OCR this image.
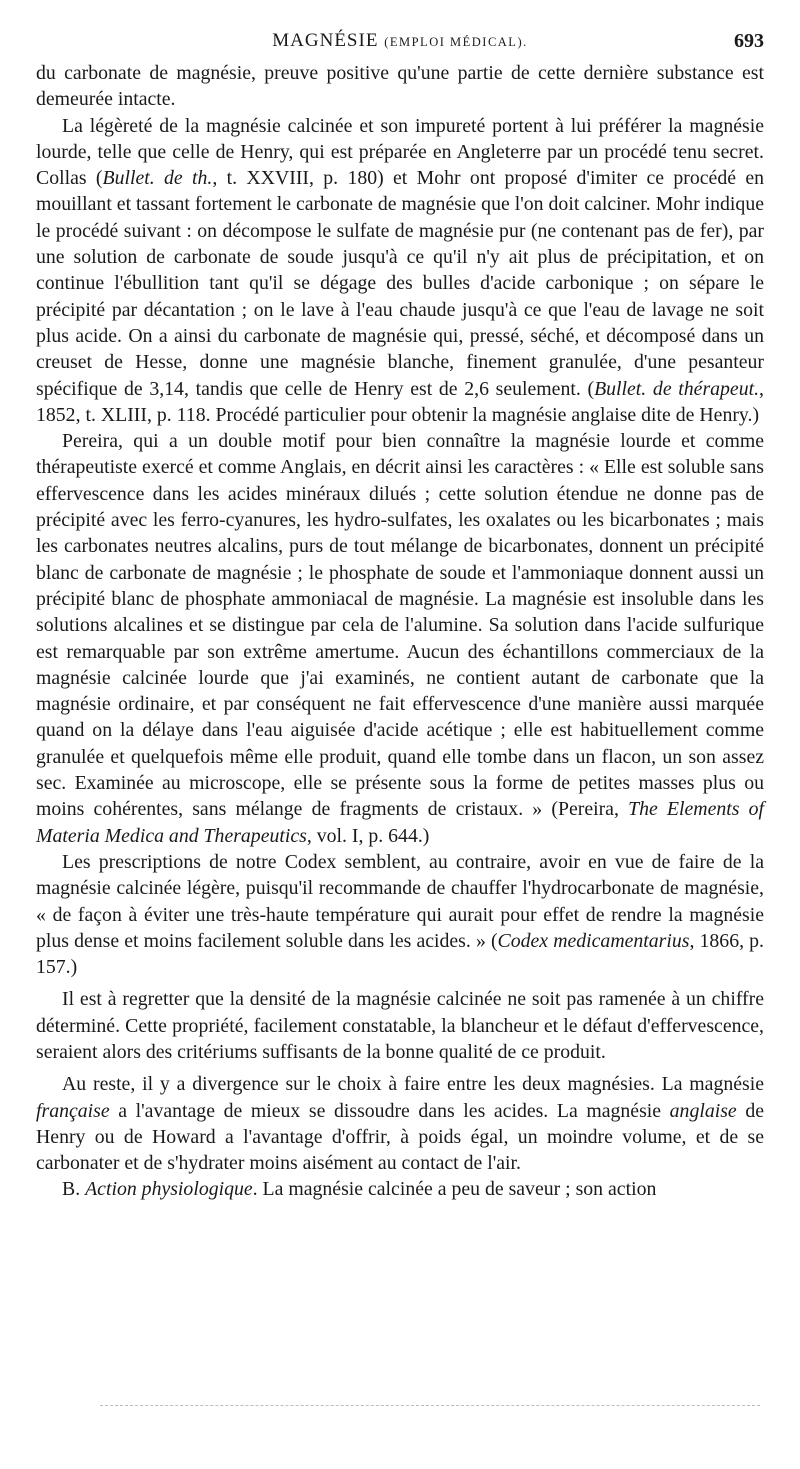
MAGNÉSIE (EMPLOI MÉDICAL).	693

du carbonate de magnésie, preuve positive qu'une partie de cette dernière substance est demeurée intacte.

La légèreté de la magnésie calcinée et son impureté portent à lui préférer la magnésie lourde, telle que celle de Henry, qui est préparée en Angleterre par un procédé tenu secret. Collas (Bullet. de th., t. XXVIII, p. 180) et Mohr ont proposé d'imiter ce procédé en mouillant et tassant fortement le carbonate de magnésie que l'on doit calciner. Mohr indique le procédé suivant : on décompose le sulfate de magnésie pur (ne contenant pas de fer), par une solution de carbonate de soude jusqu'à ce qu'il n'y ait plus de précipitation, et on continue l'ébullition tant qu'il se dégage des bulles d'acide carbonique ; on sépare le précipité par décantation ; on le lave à l'eau chaude jusqu'à ce que l'eau de lavage ne soit plus acide. On a ainsi du carbonate de magnésie qui, pressé, séché, et décomposé dans un creuset de Hesse, donne une magnésie blanche, finement granulée, d'une pesanteur spécifique de 3,14, tandis que celle de Henry est de 2,6 seulement. (Bullet. de thérapeut., 1852, t. XLIII, p. 118. Procédé particulier pour obtenir la magnésie anglaise dite de Henry.)

Pereira, qui a un double motif pour bien connaître la magnésie lourde et comme thérapeutiste exercé et comme Anglais, en décrit ainsi les caractères : « Elle est soluble sans effervescence dans les acides minéraux dilués ; cette solution étendue ne donne pas de précipité avec les ferro-cyanures, les hydro-sulfates, les oxalates ou les bicarbonates ; mais les carbonates neutres alcalins, purs de tout mélange de bicarbonates, donnent un précipité blanc de carbonate de magnésie ; le phosphate de soude et l'ammoniaque donnent aussi un précipité blanc de phosphate ammoniacal de magnésie. La magnésie est insoluble dans les solutions alcalines et se distingue par cela de l'alumine. Sa solution dans l'acide sulfurique est remarquable par son extrême amertume. Aucun des échantillons commerciaux de la magnésie calcinée lourde que j'ai examinés, ne contient autant de carbonate que la magnésie ordinaire, et par conséquent ne fait effervescence d'une manière aussi marquée quand on la délaye dans l'eau aiguisée d'acide acétique ; elle est habituellement comme granulée et quelquefois même elle produit, quand elle tombe dans un flacon, un son assez sec. Examinée au microscope, elle se présente sous la forme de petites masses plus ou moins cohérentes, sans mélange de fragments de cristaux. » (Pereira, The Elements of Materia Medica and Therapeutics, vol. I, p. 644.)

Les prescriptions de notre Codex semblent, au contraire, avoir en vue de faire de la magnésie calcinée légère, puisqu'il recommande de chauffer l'hydrocarbonate de magnésie, « de façon à éviter une très-haute température qui aurait pour effet de rendre la magnésie plus dense et moins facilement soluble dans les acides. » (Codex medicamentarius, 1866, p. 157.)

Il est à regretter que la densité de la magnésie calcinée ne soit pas ramenée à un chiffre déterminé. Cette propriété, facilement constatable, la blancheur et le défaut d'effervescence, seraient alors des critériums suffisants de la bonne qualité de ce produit.

Au reste, il y a divergence sur le choix à faire entre les deux magnésies. La magnésie française a l'avantage de mieux se dissoudre dans les acides. La magnésie anglaise de Henry ou de Howard a l'avantage d'offrir, à poids égal, un moindre volume, et de se carbonater et de s'hydrater moins aisément au contact de l'air.

B. Action physiologique. La magnésie calcinée a peu de saveur ; son action
